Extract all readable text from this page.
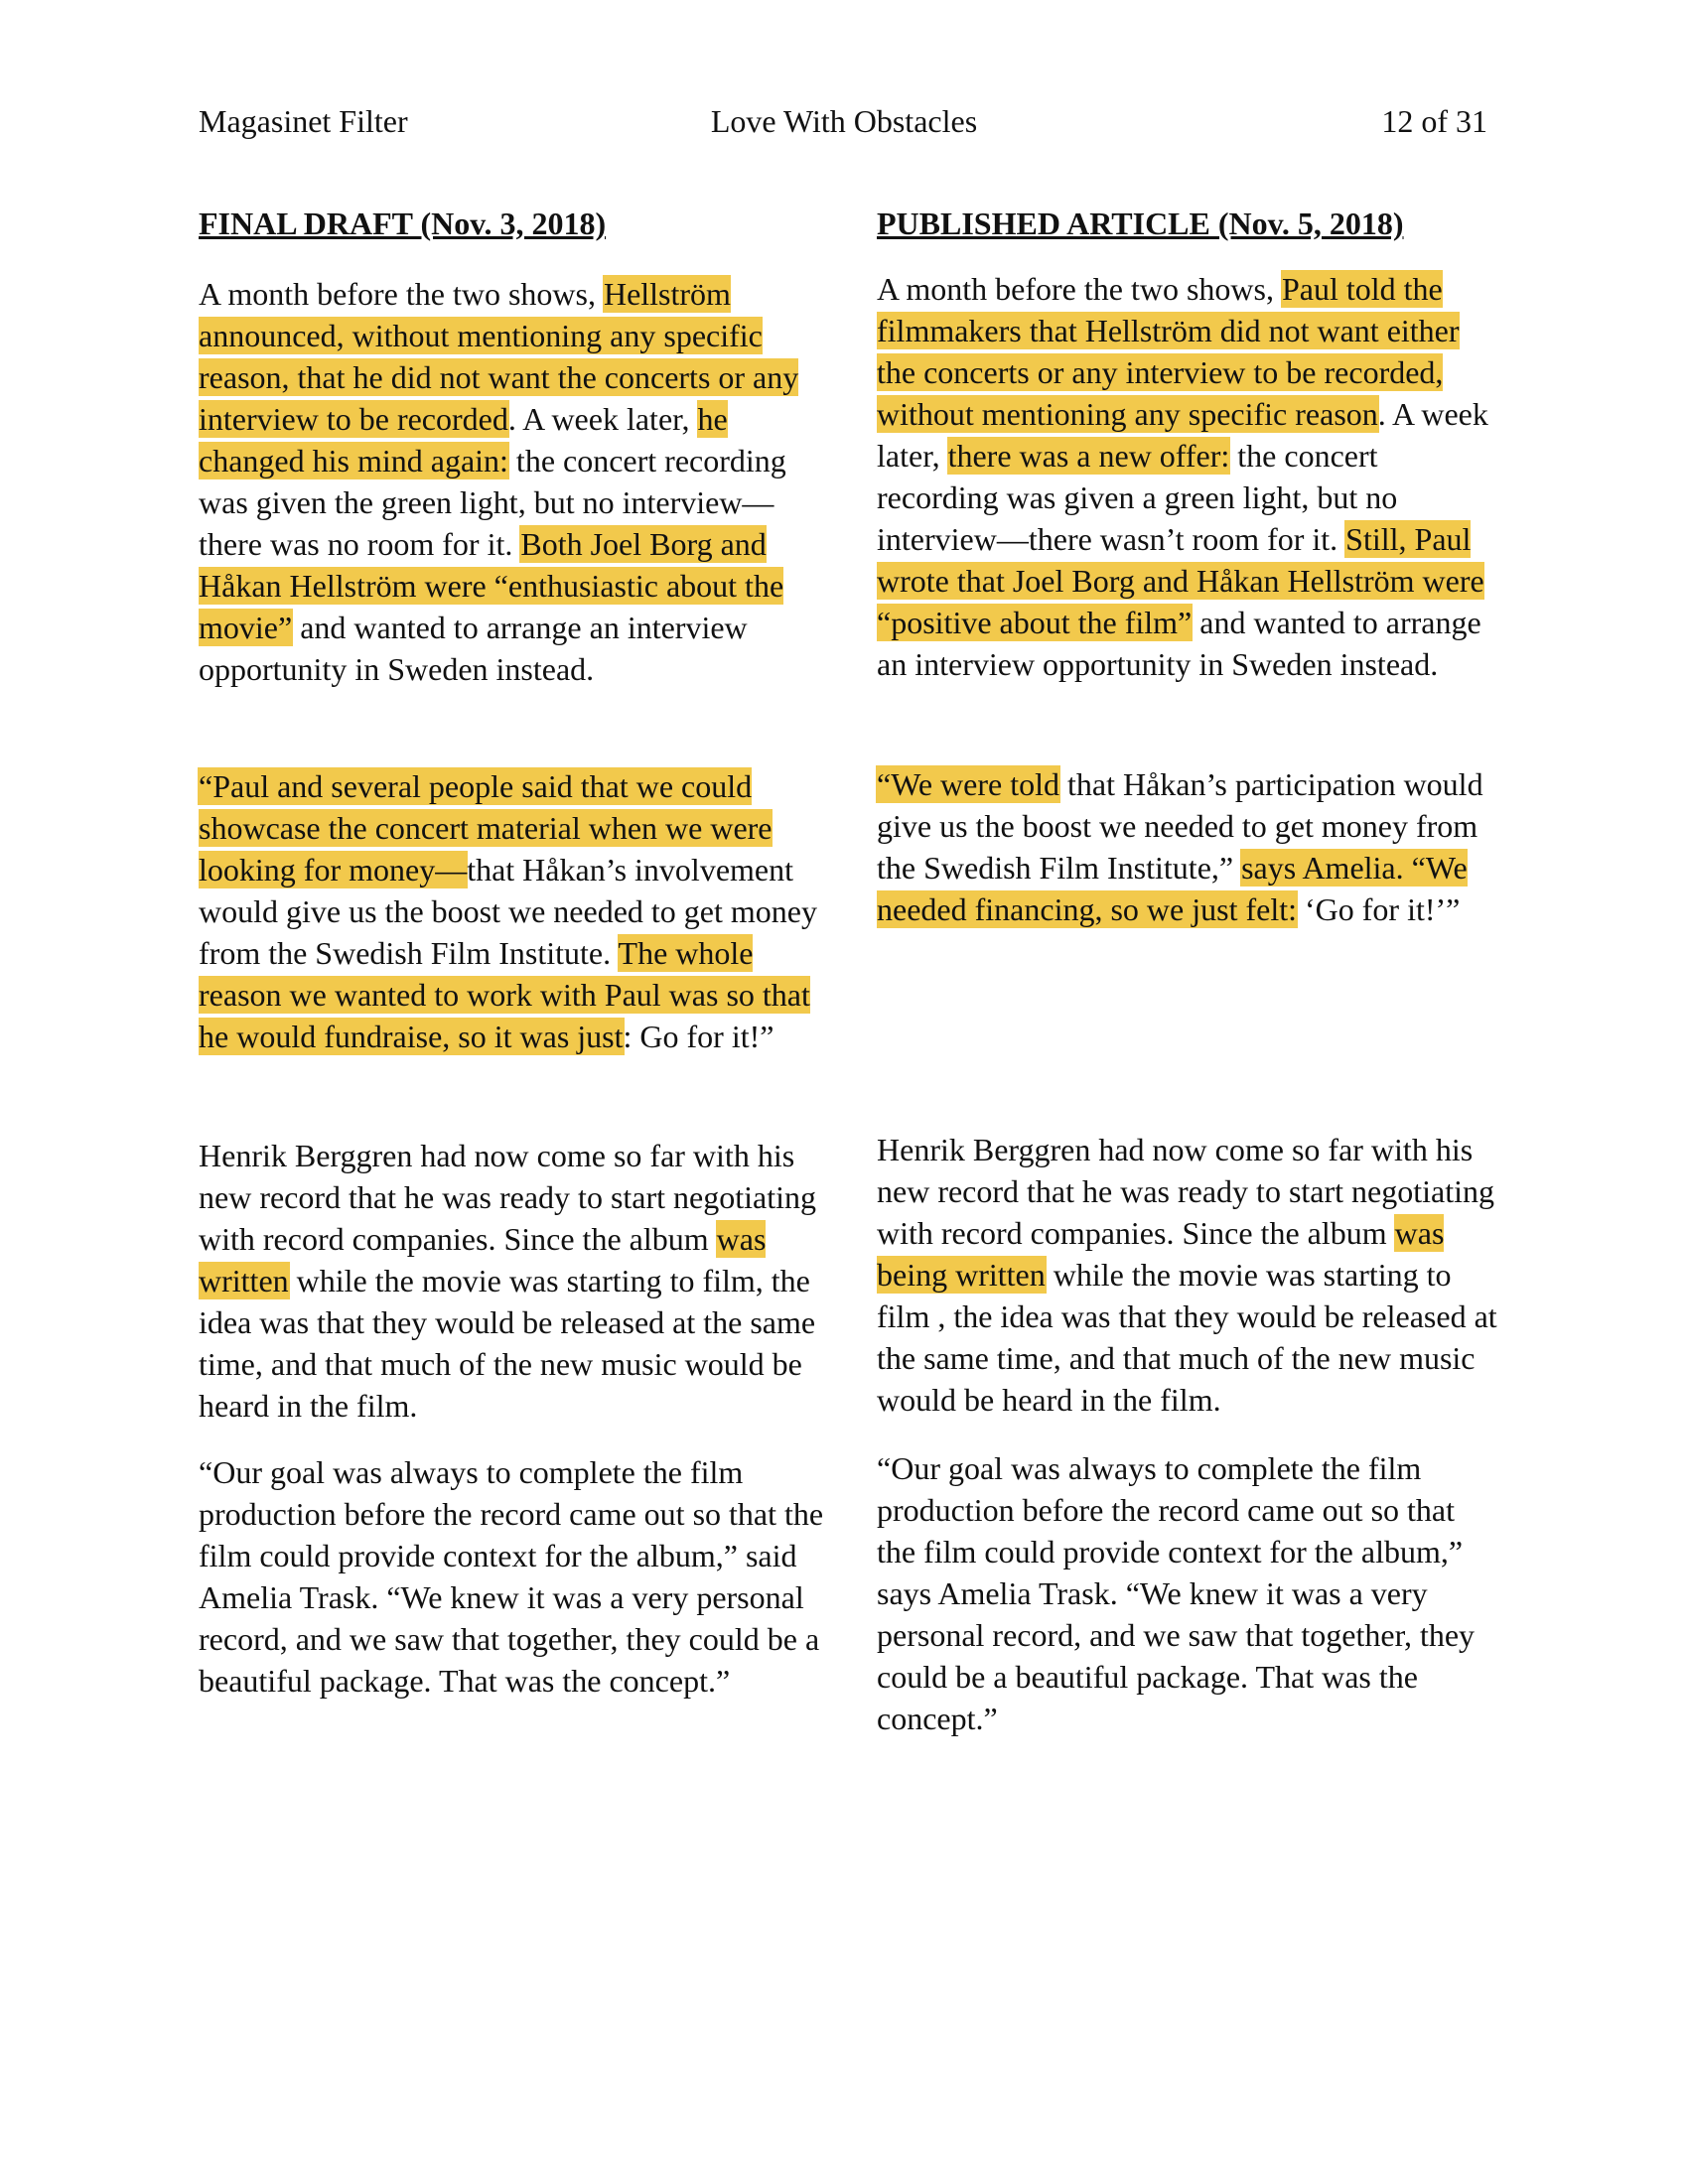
Magasinet Filter	Love With Obstacles	12 of 31
FINAL DRAFT (Nov. 3, 2018)

A month before the two shows, Hellström announced, without mentioning any specific reason, that he did not want the concerts or any interview to be recorded. A week later, he changed his mind again: the concert recording was given the green light, but no interview—there was no room for it. Both Joel Borg and Håkan Hellström were “enthusiastic about the movie” and wanted to arrange an interview opportunity in Sweden instead.

“Paul and several people said that we could showcase the concert material when we were looking for money—that Håkan’s involvement would give us the boost we needed to get money from the Swedish Film Institute. The whole reason we wanted to work with Paul was so that he would fundraise, so it was just: Go for it!”

Henrik Berggren had now come so far with his new record that he was ready to start negotiating with record companies. Since the album was written while the movie was starting to film, the idea was that they would be released at the same time, and that much of the new music would be heard in the film.

“Our goal was always to complete the film production before the record came out so that the film could provide context for the album,” said Amelia Trask. “We knew it was a very personal record, and we saw that together, they could be a beautiful package. That was the concept.”

PUBLISHED ARTICLE (Nov. 5, 2018)

A month before the two shows, Paul told the filmmakers that Hellström did not want either the concerts or any interview to be recorded, without mentioning any specific reason. A week later, there was a new offer: the concert recording was given a green light, but no interview—there wasn’t room for it. Still, Paul wrote that Joel Borg and Håkan Hellström were “positive about the film” and wanted to arrange an interview opportunity in Sweden instead.

“We were told that Håkan’s participation would give us the boost we needed to get money from the Swedish Film Institute,” says Amelia. “We needed financing, so we just felt: ‘Go for it!’”

Henrik Berggren had now come so far with his new record that he was ready to start negotiating with record companies. Since the album was being written while the movie was starting to film , the idea was that they would be released at the same time, and that much of the new music would be heard in the film.

“Our goal was always to complete the film production before the record came out so that the film could provide context for the album,” says Amelia Trask. “We knew it was a very personal record, and we saw that together, they could be a beautiful package. That was the concept.”
